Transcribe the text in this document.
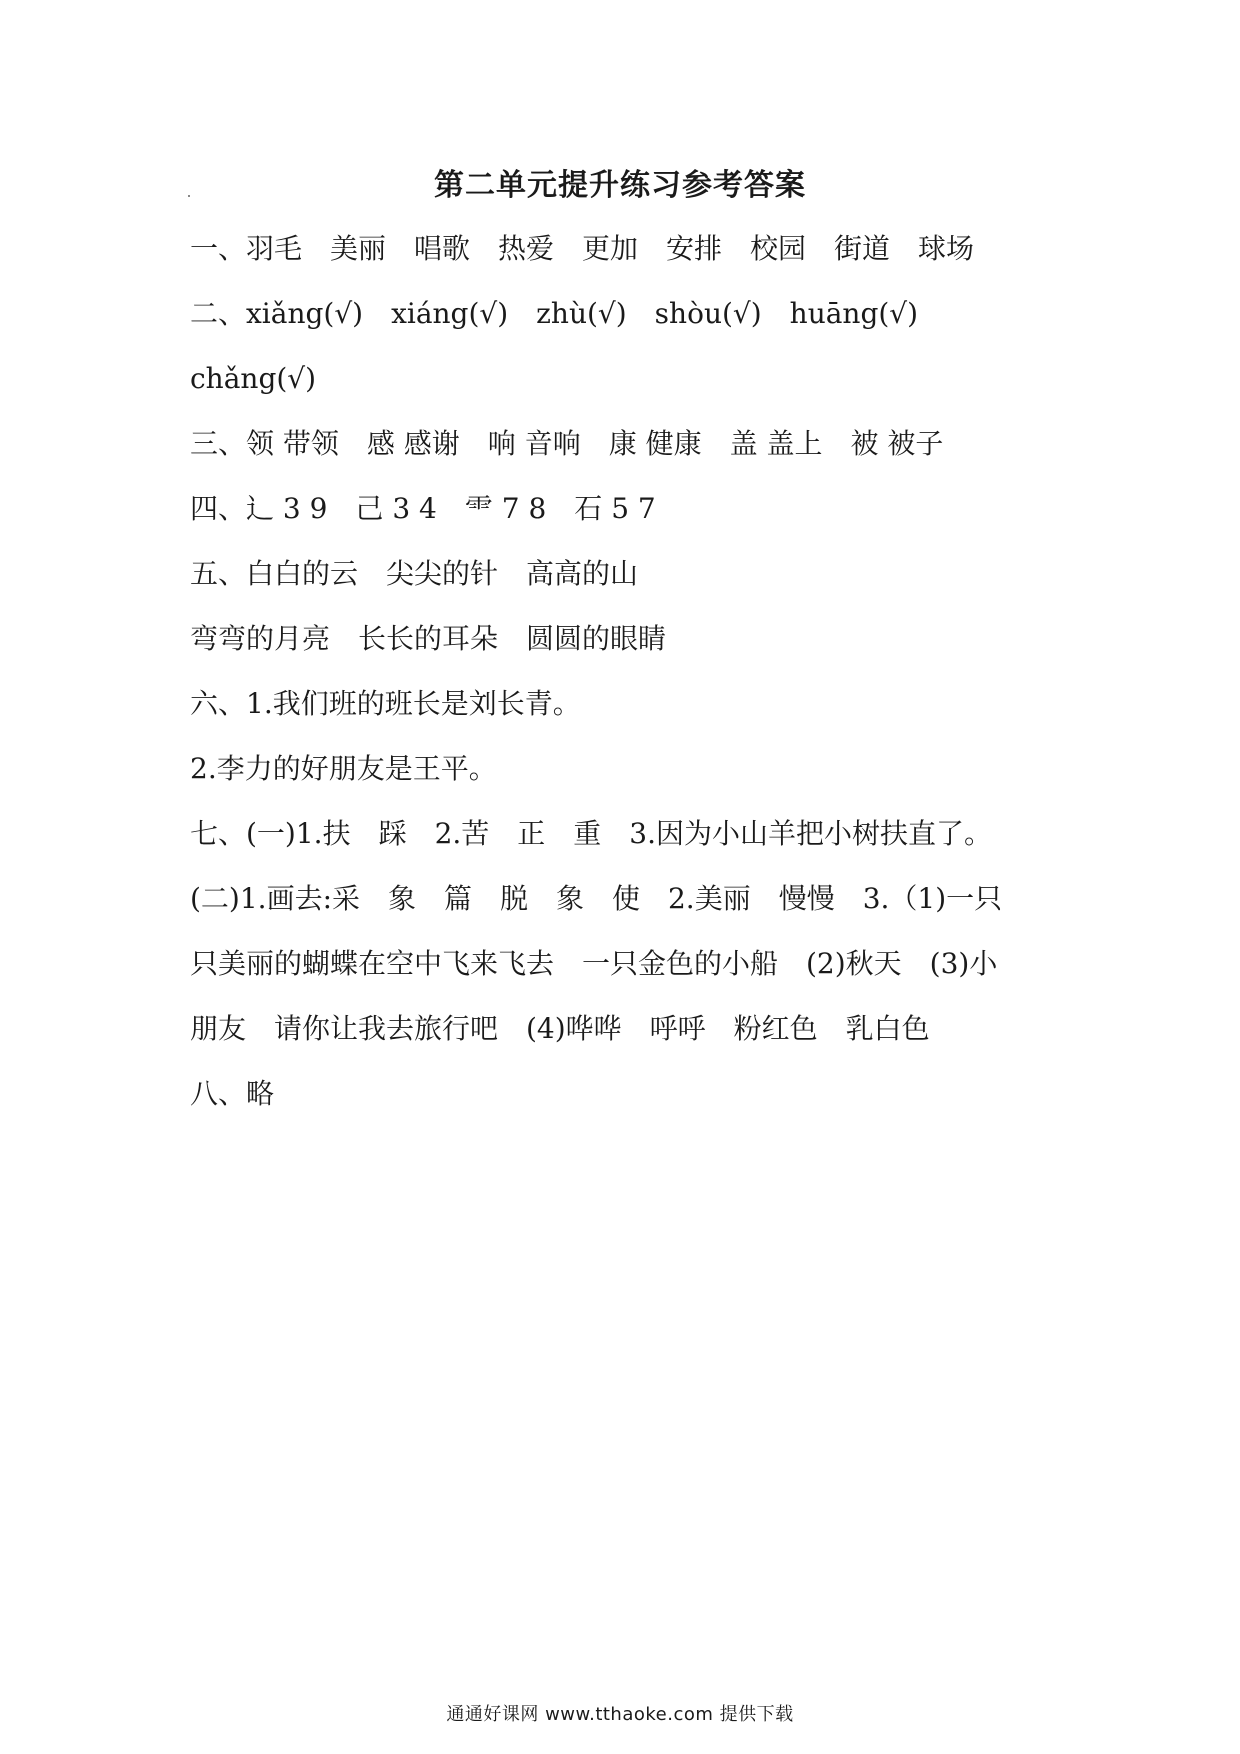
第二单元提升练习参考答案
一、羽毛　美丽　唱歌　热爱　更加　安排　校园　街道　球场
二、xiǎng(√)　xiáng(√)　zhù(√)　shòu(√)　huāng(√)
chǎng(√)
三、领 带领　感 感谢　响 音响　康 健康　盖 盖上　被 被子
四、辶 3 9　己 3 4　⻗ 7 8　石 5 7
五、白白的云　尖尖的针　高高的山
弯弯的月亮　长长的耳朵　圆圆的眼睛
六、1.我们班的班长是刘长青。
2.李力的好朋友是王平。
七、(一)1.扶　踩　2.苦　正　重　3.因为小山羊把小树扶直了。
(二)1.画去:采　象　篇　脱　象　使　2.美丽　慢慢　3.（1)一只
只美丽的蝴蝶在空中飞来飞去　一只金色的小船　(2)秋天　(3)小
朋友　请你让我去旅行吧　(4)哗哗　呼呼　粉红色　乳白色
八、略
通通好课网 www.tthaoke.com 提供下载
